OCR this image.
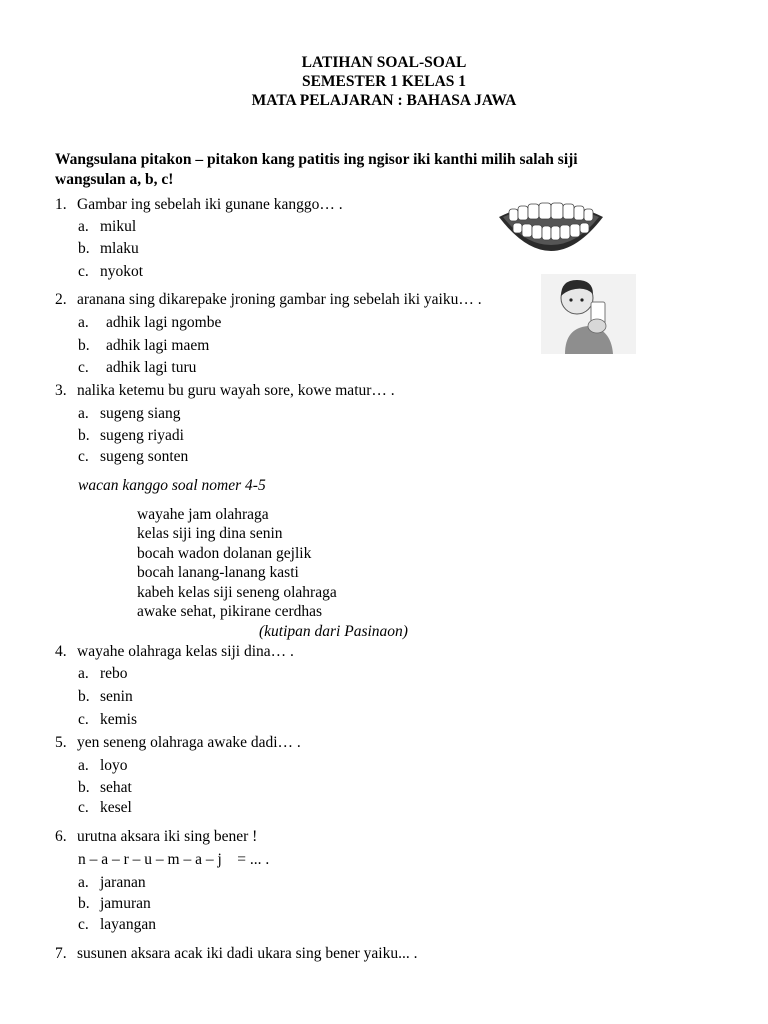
LATIHAN SOAL-SOAL
SEMESTER 1 KELAS 1
MATA PELAJARAN : BAHASA JAWA
Wangsulana pitakon – pitakon kang patitis ing ngisor iki kanthi milih salah siji
wangsulan a, b, c!
1. Gambar ing sebelah iki gunane kanggo… .
a. mikul
b. mlaku
c. nyokot
2. aranana sing dikarepake jroning gambar ing sebelah iki yaiku… .
a. adhik lagi ngombe
b. adhik lagi maem
c. adhik lagi turu
3. nalika ketemu bu guru wayah sore, kowe matur… .
a. sugeng siang
b. sugeng riyadi
c. sugeng sonten
wacan kanggo soal nomer 4-5
wayahe jam olahraga
kelas siji ing dina senin
bocah wadon dolanan gejlik
bocah lanang-lanang kasti
kabeh kelas siji seneng olahraga
awake sehat, pikirane cerdhas
(kutipan dari Pasinaon)
4. wayahe olahraga kelas siji dina… .
a. rebo
b. senin
c. kemis
5. yen seneng olahraga awake dadi… .
a. loyo
b. sehat
c. kesel
6. urutna aksara iki sing bener !
n – a – r – u – m – a – j    = ... .
a. jaranan
b. jamuran
c. layangan
7. susunen aksara acak iki dadi ukara sing bener yaiku... .
